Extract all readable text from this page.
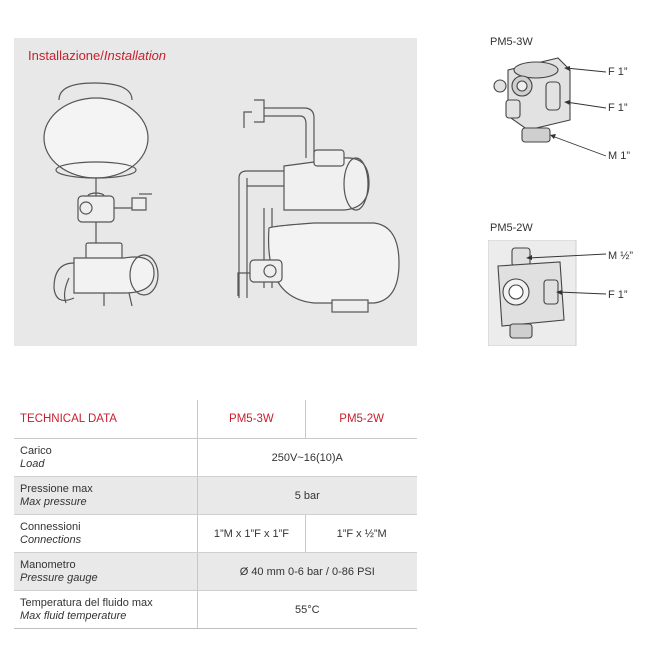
Installazione/Installation
PM5-3W
F 1”
F 1”
M 1”
PM5-2W
M ½”
F 1”
TECHNICAL DATA	PM5-3W	PM5-2W
Carico
Load	250V~16(10)A	
Pressione max
Max pressure	5 bar	
Connessioni
Connections	1”M x 1”F x 1”F	1”F x ½”M
Manometro
Pressure gauge	Ø 40 mm 0-6 bar / 0-86 PSI	
Temperatura del fluido max
Max fluid temperature	55°C	
